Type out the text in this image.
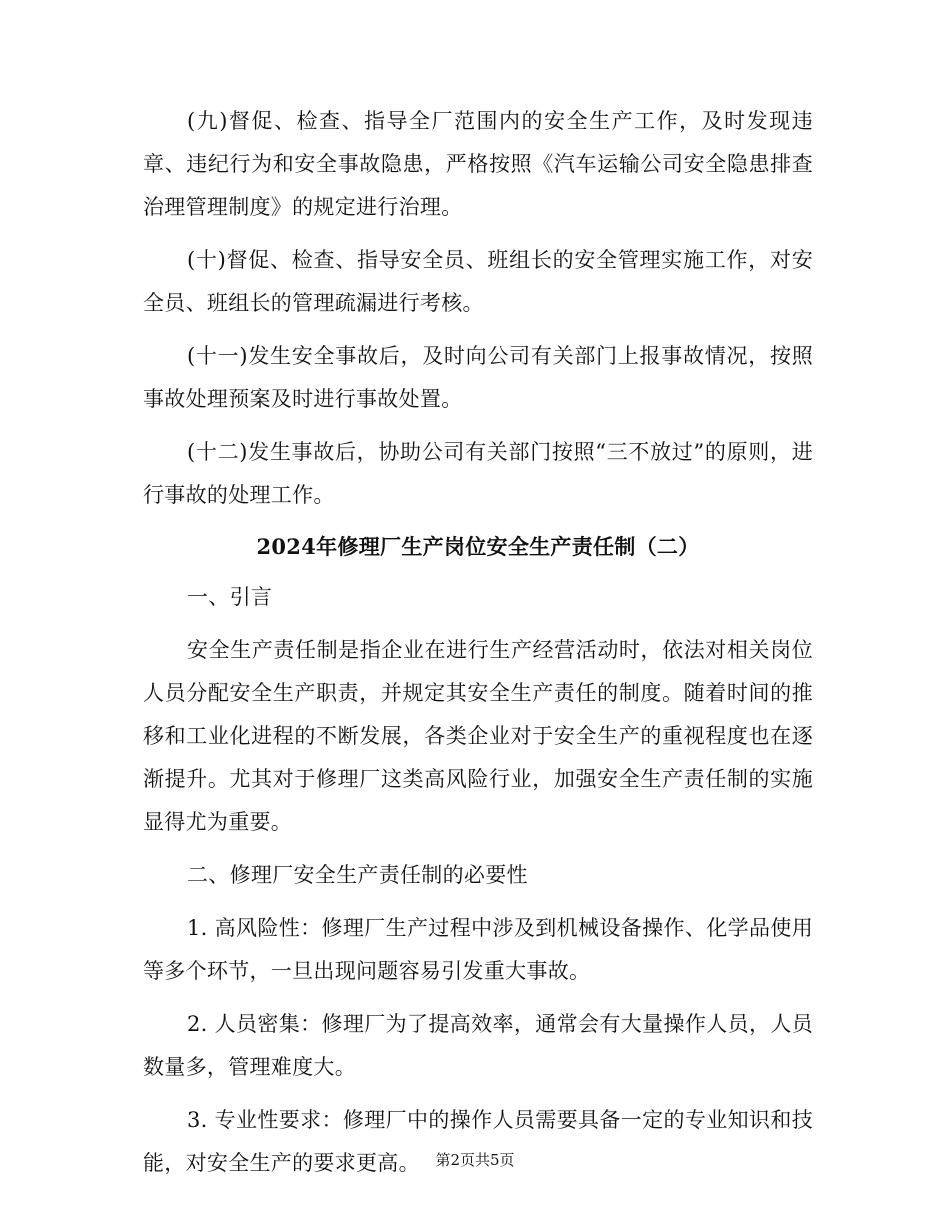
(九)督促、检查、指导全厂范围内的安全生产工作，及时发现违章、违纪行为和安全事故隐患，严格按照《汽车运输公司安全隐患排查治理管理制度》的规定进行治理。

(十)督促、检查、指导安全员、班组长的安全管理实施工作，对安全员、班组长的管理疏漏进行考核。

(十一)发生安全事故后，及时向公司有关部门上报事故情况，按照事故处理预案及时进行事故处置。

(十二)发生事故后，协助公司有关部门按照“三不放过”的原则，进行事故的处理工作。

2024年修理厂生产岗位安全生产责任制（二）

一、引言

安全生产责任制是指企业在进行生产经营活动时，依法对相关岗位人员分配安全生产职责，并规定其安全生产责任的制度。随着时间的推移和工业化进程的不断发展，各类企业对于安全生产的重视程度也在逐渐提升。尤其对于修理厂这类高风险行业，加强安全生产责任制的实施显得尤为重要。

二、修理厂安全生产责任制的必要性

1. 高风险性：修理厂生产过程中涉及到机械设备操作、化学品使用等多个环节，一旦出现问题容易引发重大事故。

2. 人员密集：修理厂为了提高效率，通常会有大量操作人员，人员数量多，管理难度大。

3. 专业性要求：修理厂中的操作人员需要具备一定的专业知识和技能，对安全生产的要求更高。	第2页共5页
